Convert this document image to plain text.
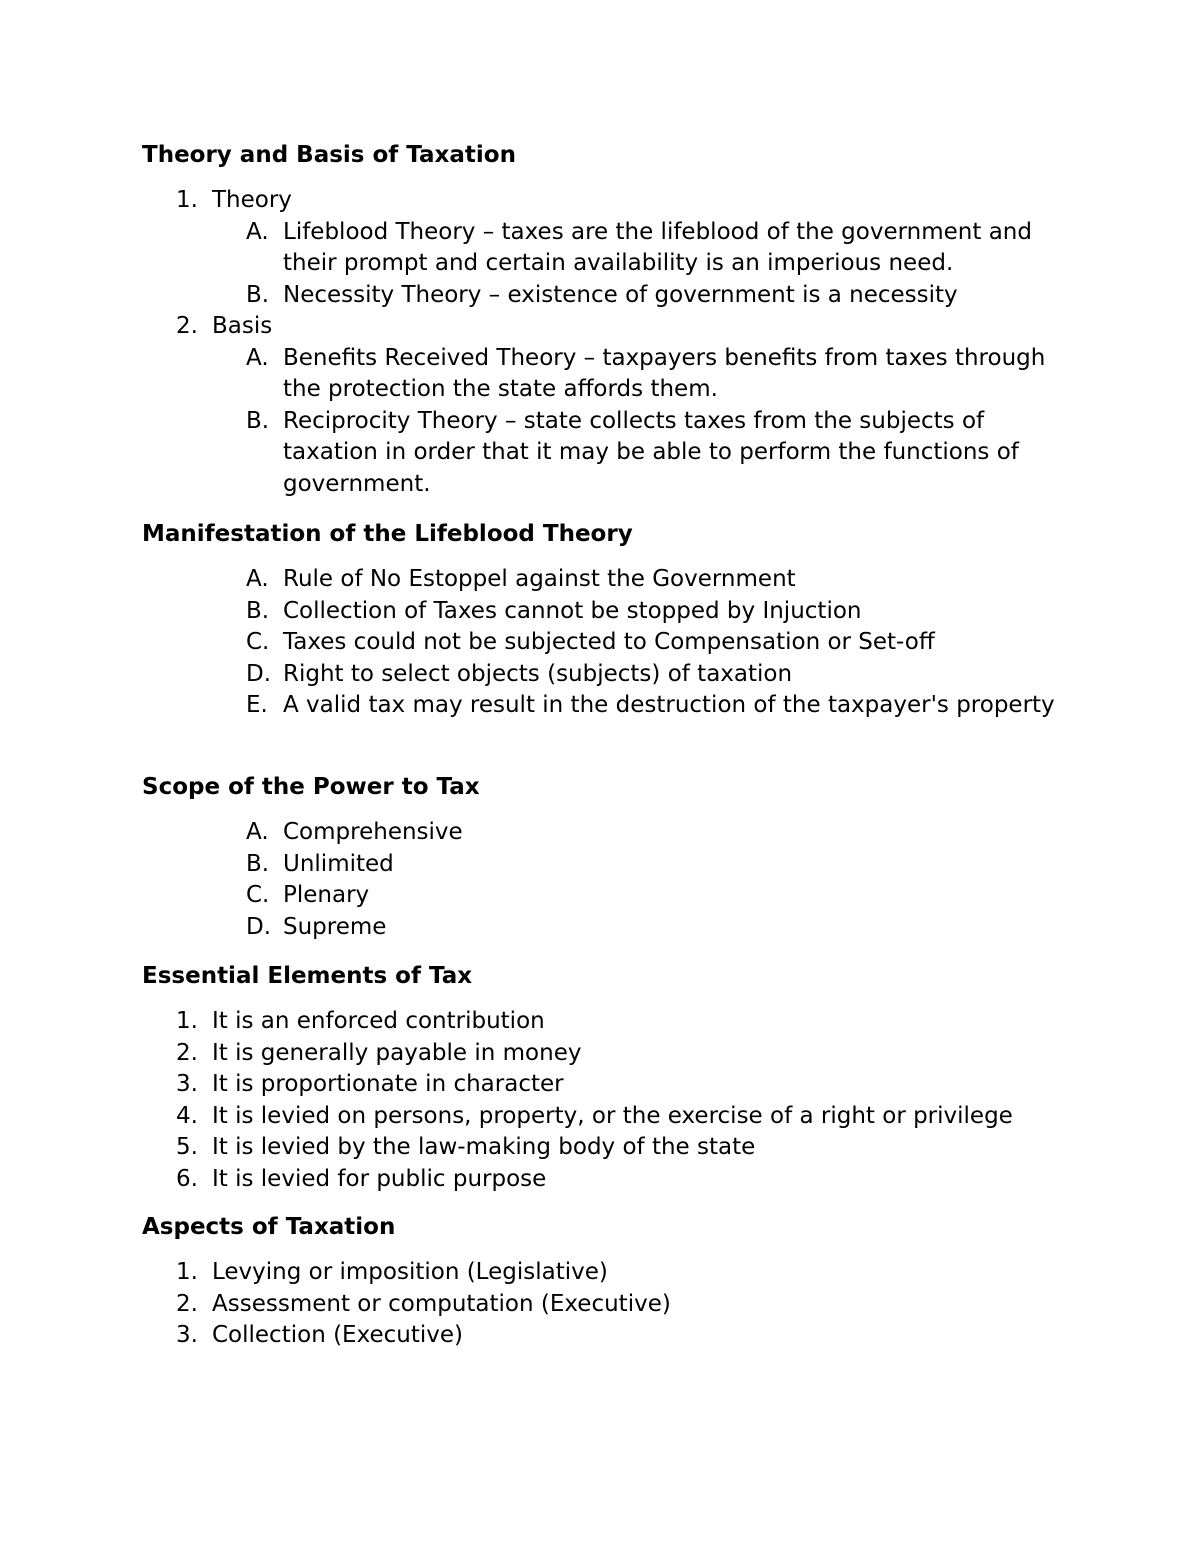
Theory and Basis of Taxation
1. Theory
A. Lifeblood Theory – taxes are the lifeblood of the government and their prompt and certain availability is an imperious need.
B. Necessity Theory – existence of government is a necessity
2. Basis
A. Benefits Received Theory – taxpayers benefits from taxes through the protection the state affords them.
B. Reciprocity Theory – state collects taxes from the subjects of taxation in order that it may be able to perform the functions of government.
Manifestation of the Lifeblood Theory
A. Rule of No Estoppel against the Government
B. Collection of Taxes cannot be stopped by Injuction
C. Taxes could not be subjected to Compensation or Set-off
D. Right to select objects (subjects) of taxation
E. A valid tax may result in the destruction of the taxpayer's property
Scope of the Power to Tax
A. Comprehensive
B. Unlimited
C. Plenary
D. Supreme
Essential Elements of Tax
1. It is an enforced contribution
2. It is generally payable in money
3. It is proportionate in character
4. It is levied on persons, property, or the exercise of a right or privilege
5. It is levied by the law-making body of the state
6. It is levied for public purpose
Aspects of Taxation
1. Levying or imposition (Legislative)
2. Assessment or computation (Executive)
3. Collection (Executive)
